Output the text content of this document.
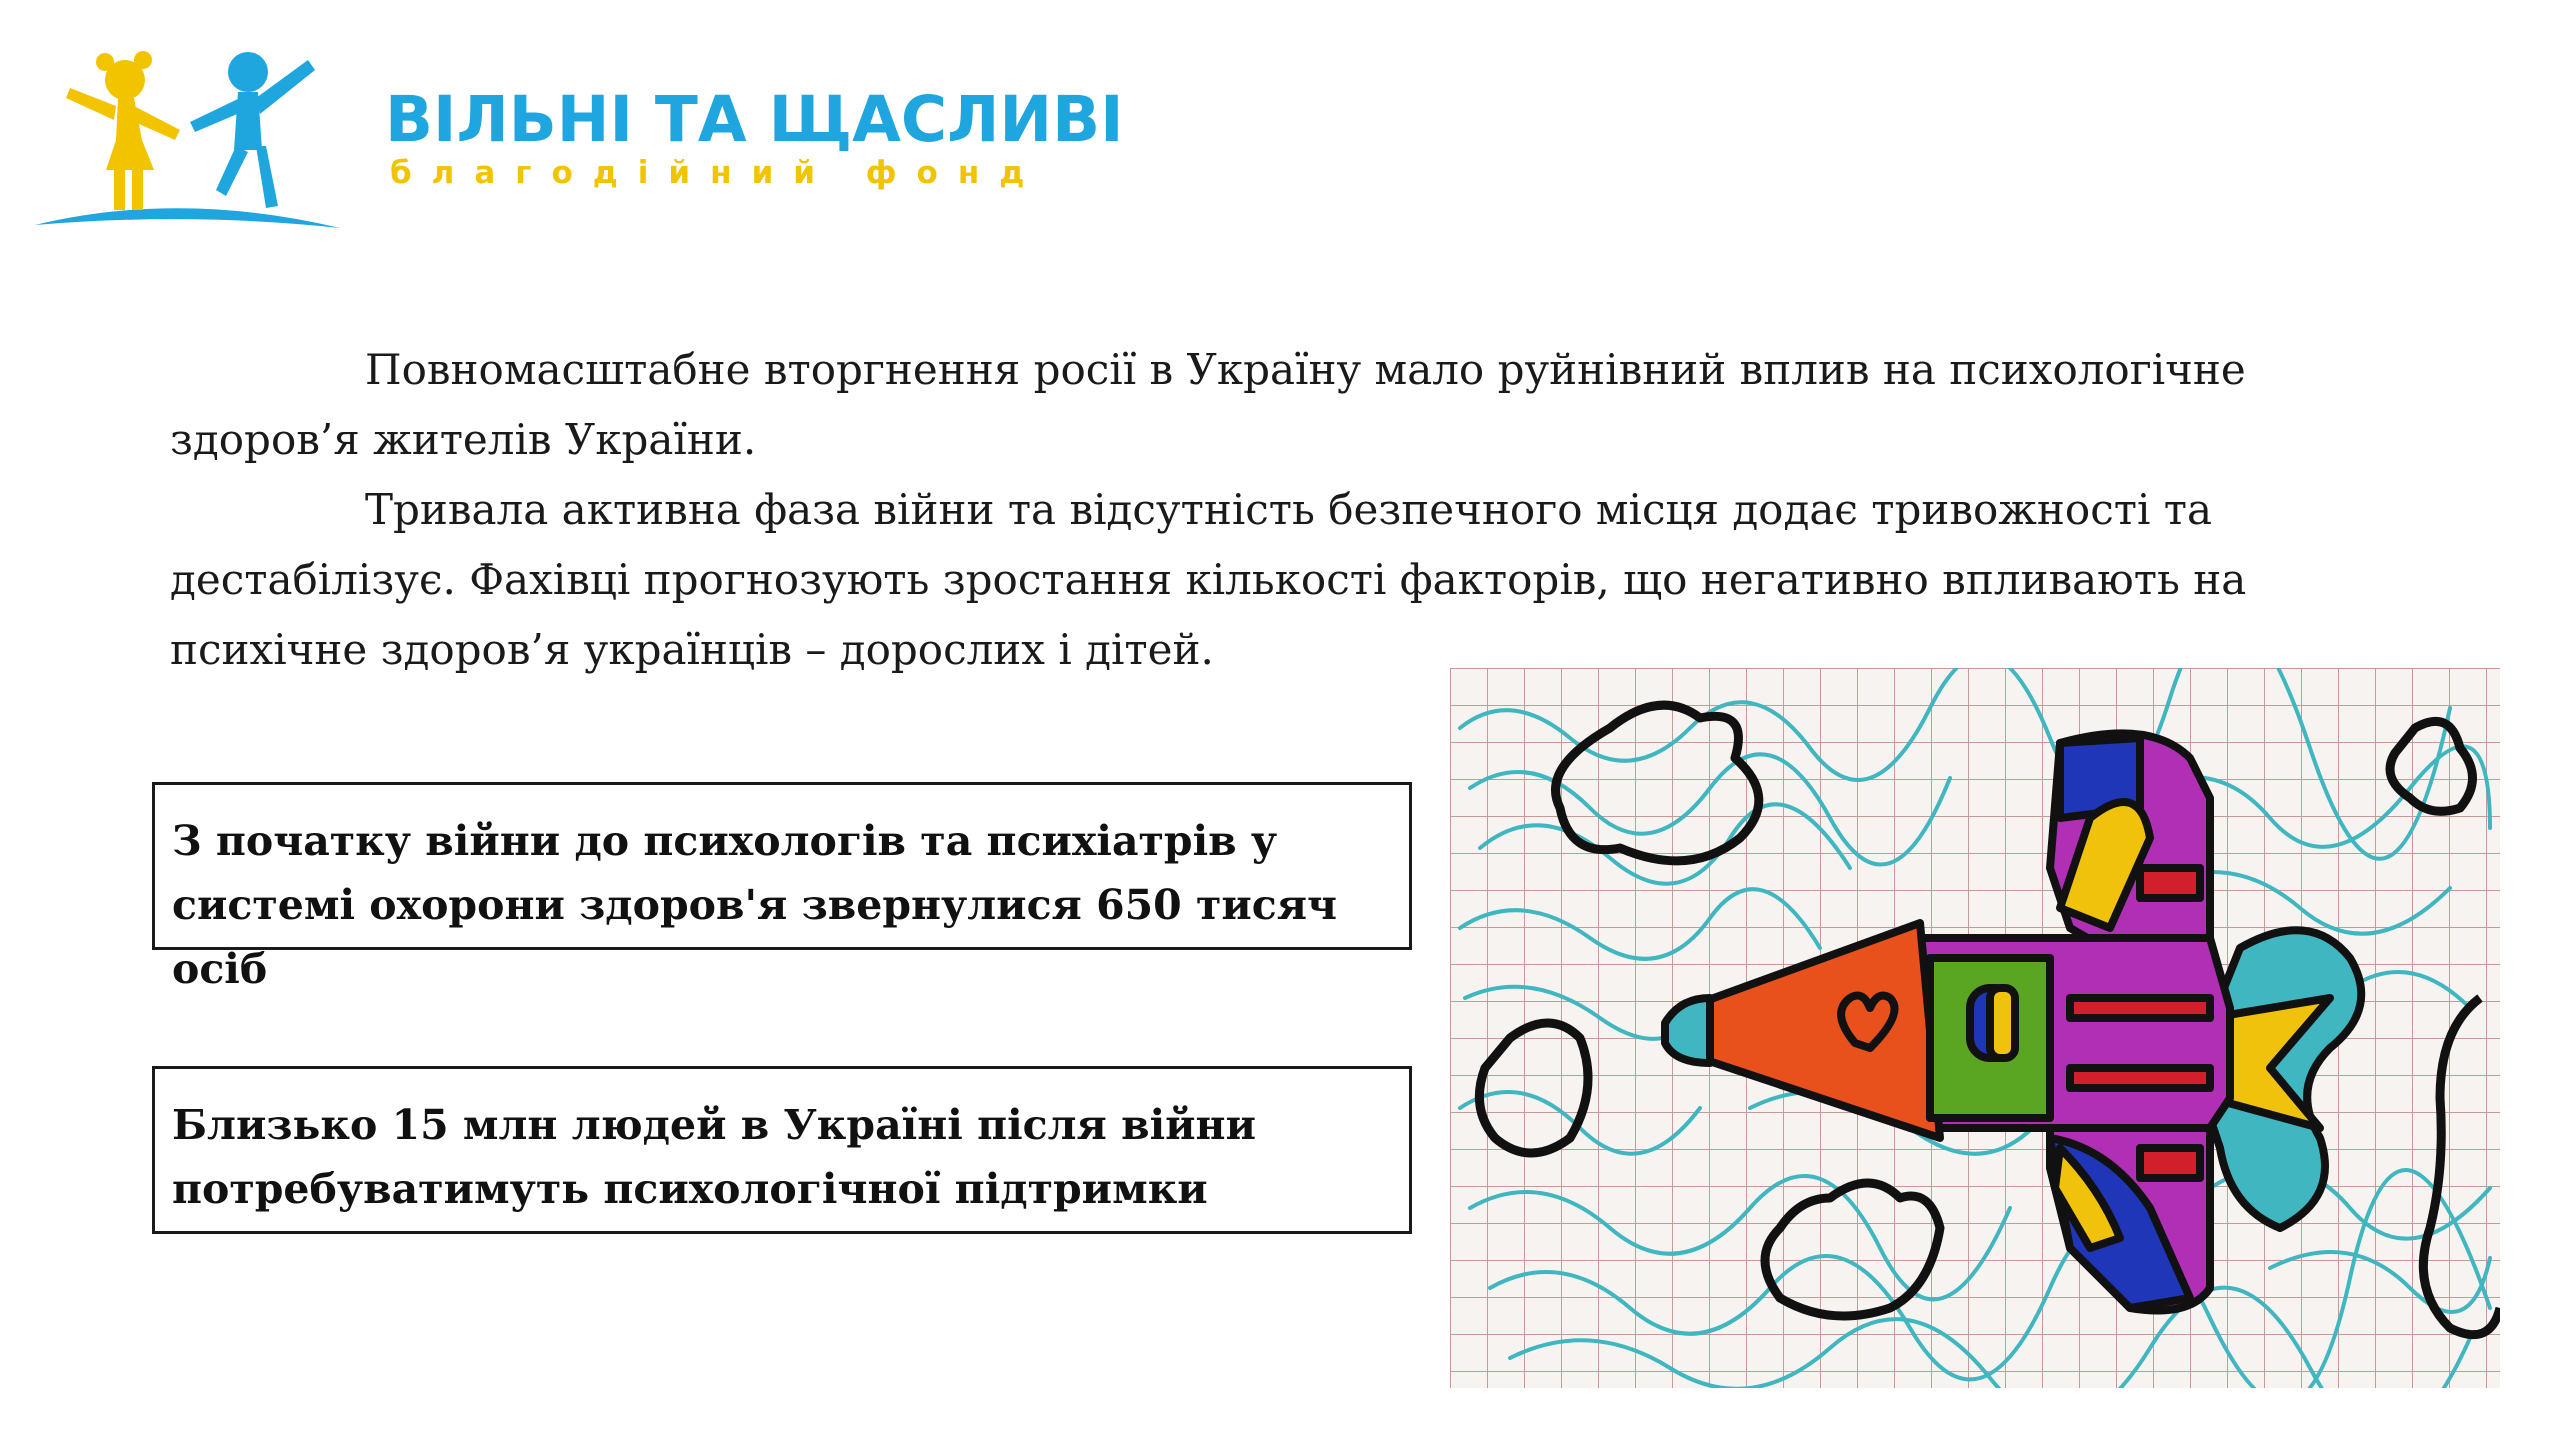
ВІЛЬНІ ТА ЩАСЛИВІ
благодійний фонд

Повномасштабне вторгнення росії в Україну мало руйнівний вплив на психологічне здоров’я жителів України.

Тривала активна фаза війни та відсутність безпечного місця додає тривожності та дестабілізує. Фахівці прогнозують зростання кількості факторів, що негативно впливають на психічне здоров’я українців – дорослих і дітей.

З початку війни до психологів та психіатрів у системі охорони здоров'я звернулися 650 тисяч осіб
Близько 15 млн людей в Україні після війни потребуватимуть психологічної підтримки
